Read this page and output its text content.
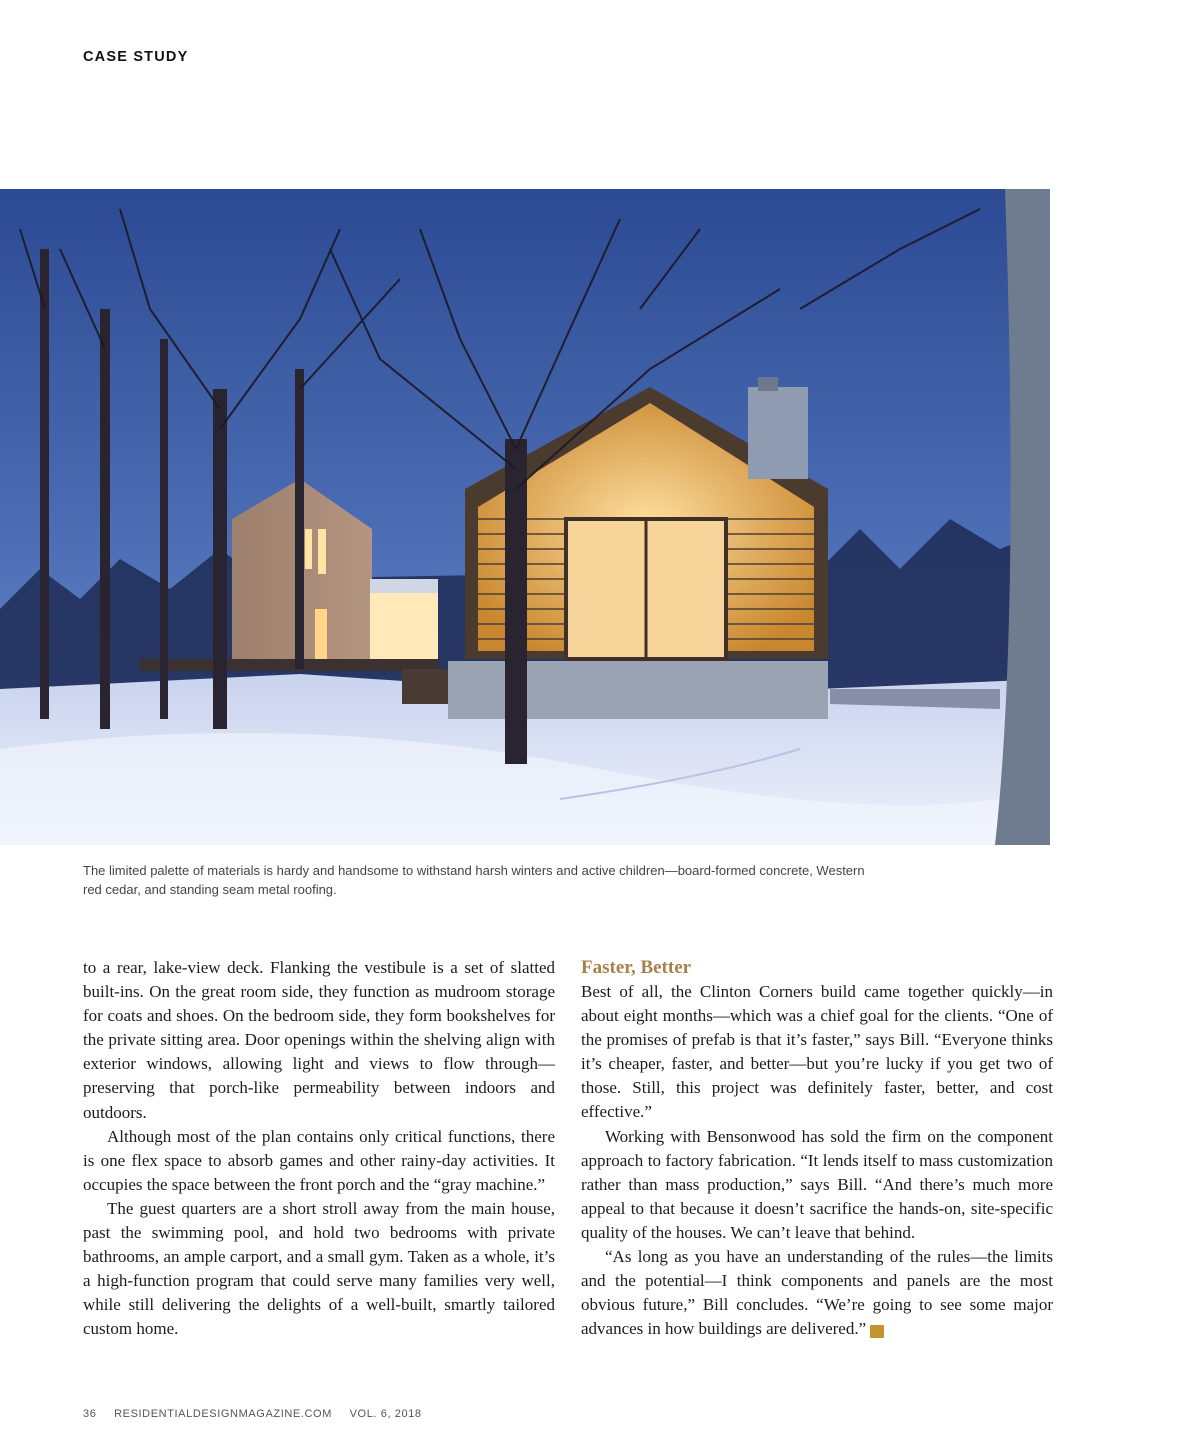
CASE STUDY
The limited palette of materials is hardy and handsome to withstand harsh winters and active children—board-formed concrete, Western red cedar, and standing seam metal roofing.

to a rear, lake-view deck. Flanking the vestibule is a set of slatted built-ins. On the great room side, they function as mudroom storage for coats and shoes. On the bedroom side, they form bookshelves for the private sitting area. Door openings within the shelving align with exterior windows, allowing light and views to flow through—preserving that porch-like permeability between indoors and outdoors.

Although most of the plan contains only critical functions, there is one flex space to absorb games and other rainy-day activities. It occupies the space between the front porch and the “gray machine.”

The guest quarters are a short stroll away from the main house, past the swimming pool, and hold two bedrooms with private bathrooms, an ample carport, and a small gym. Taken as a whole, it’s a high-function program that could serve many families very well, while still delivering the delights of a well-built, smartly tailored custom home.

Faster, Better

Best of all, the Clinton Corners build came together quickly—in about eight months—which was a chief goal for the clients. “One of the promises of prefab is that it’s faster,” says Bill. “Everyone thinks it’s cheaper, faster, and better—but you’re lucky if you get two of those. Still, this project was definitely faster, better, and cost effective.”

Working with Bensonwood has sold the firm on the component approach to factory fabrication. “It lends itself to mass customization rather than mass production,” says Bill. “And there’s much more appeal to that because it doesn’t sacrifice the hands-on, site-specific quality of the houses. We can’t leave that behind.

“As long as you have an understanding of the rules—the limits and the potential—I think components and panels are the most obvious future,” Bill concludes. “We’re going to see some major advances in how buildings are delivered.”	RD

36 RESIDENTIALDESIGNMAGAZINE.COM VOL. 6, 2018
